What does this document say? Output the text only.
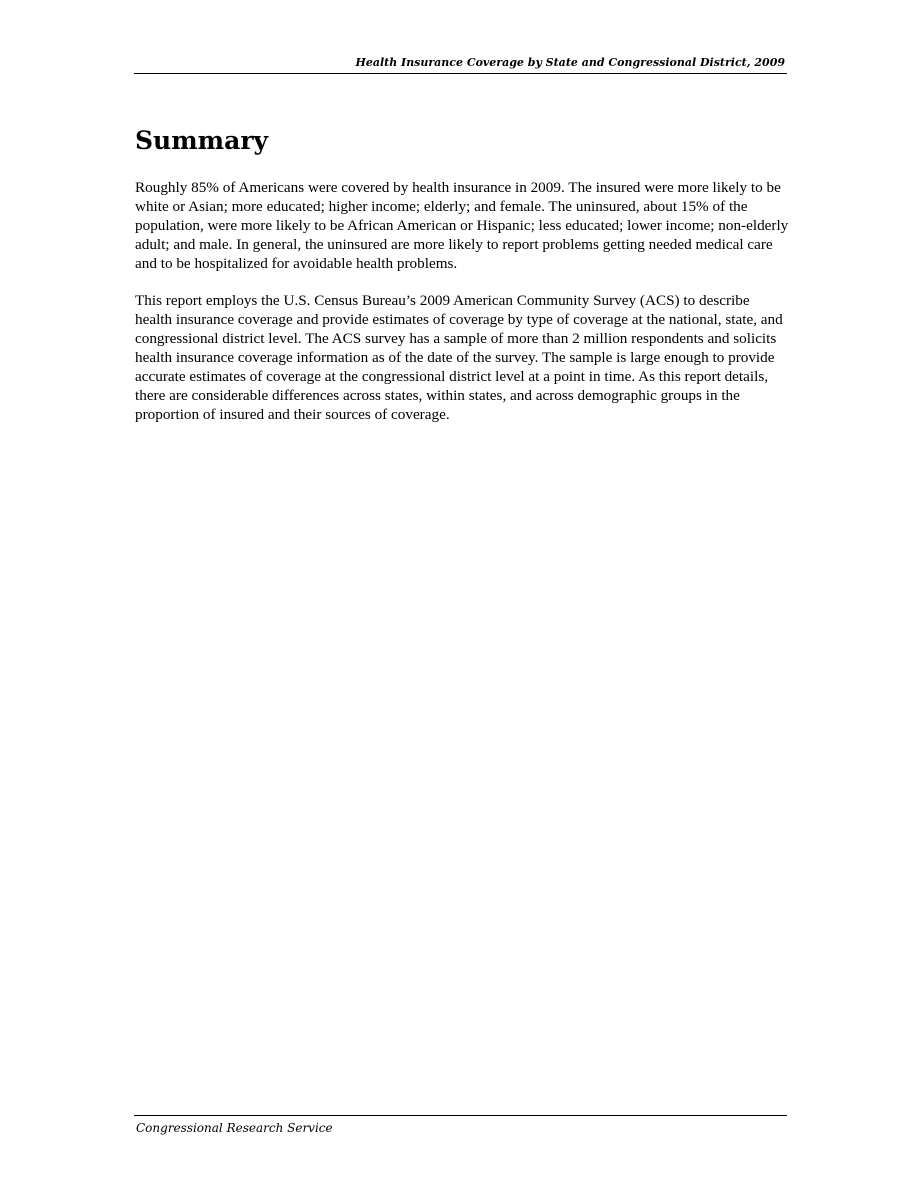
Health Insurance Coverage by State and Congressional District, 2009
Summary

Roughly 85% of Americans were covered by health insurance in 2009. The insured were more likely to be white or Asian; more educated; higher income; elderly; and female. The uninsured, about 15% of the population, were more likely to be African American or Hispanic; less educated; lower income; non-elderly adult; and male. In general, the uninsured are more likely to report problems getting needed medical care and to be hospitalized for avoidable health problems.

This report employs the U.S. Census Bureau’s 2009 American Community Survey (ACS) to describe health insurance coverage and provide estimates of coverage by type of coverage at the national, state, and congressional district level. The ACS survey has a sample of more than 2 million respondents and solicits health insurance coverage information as of the date of the survey. The sample is large enough to provide accurate estimates of coverage at the congressional district level at a point in time. As this report details, there are considerable differences across states, within states, and across demographic groups in the proportion of insured and their sources of coverage.

Congressional Research Service
